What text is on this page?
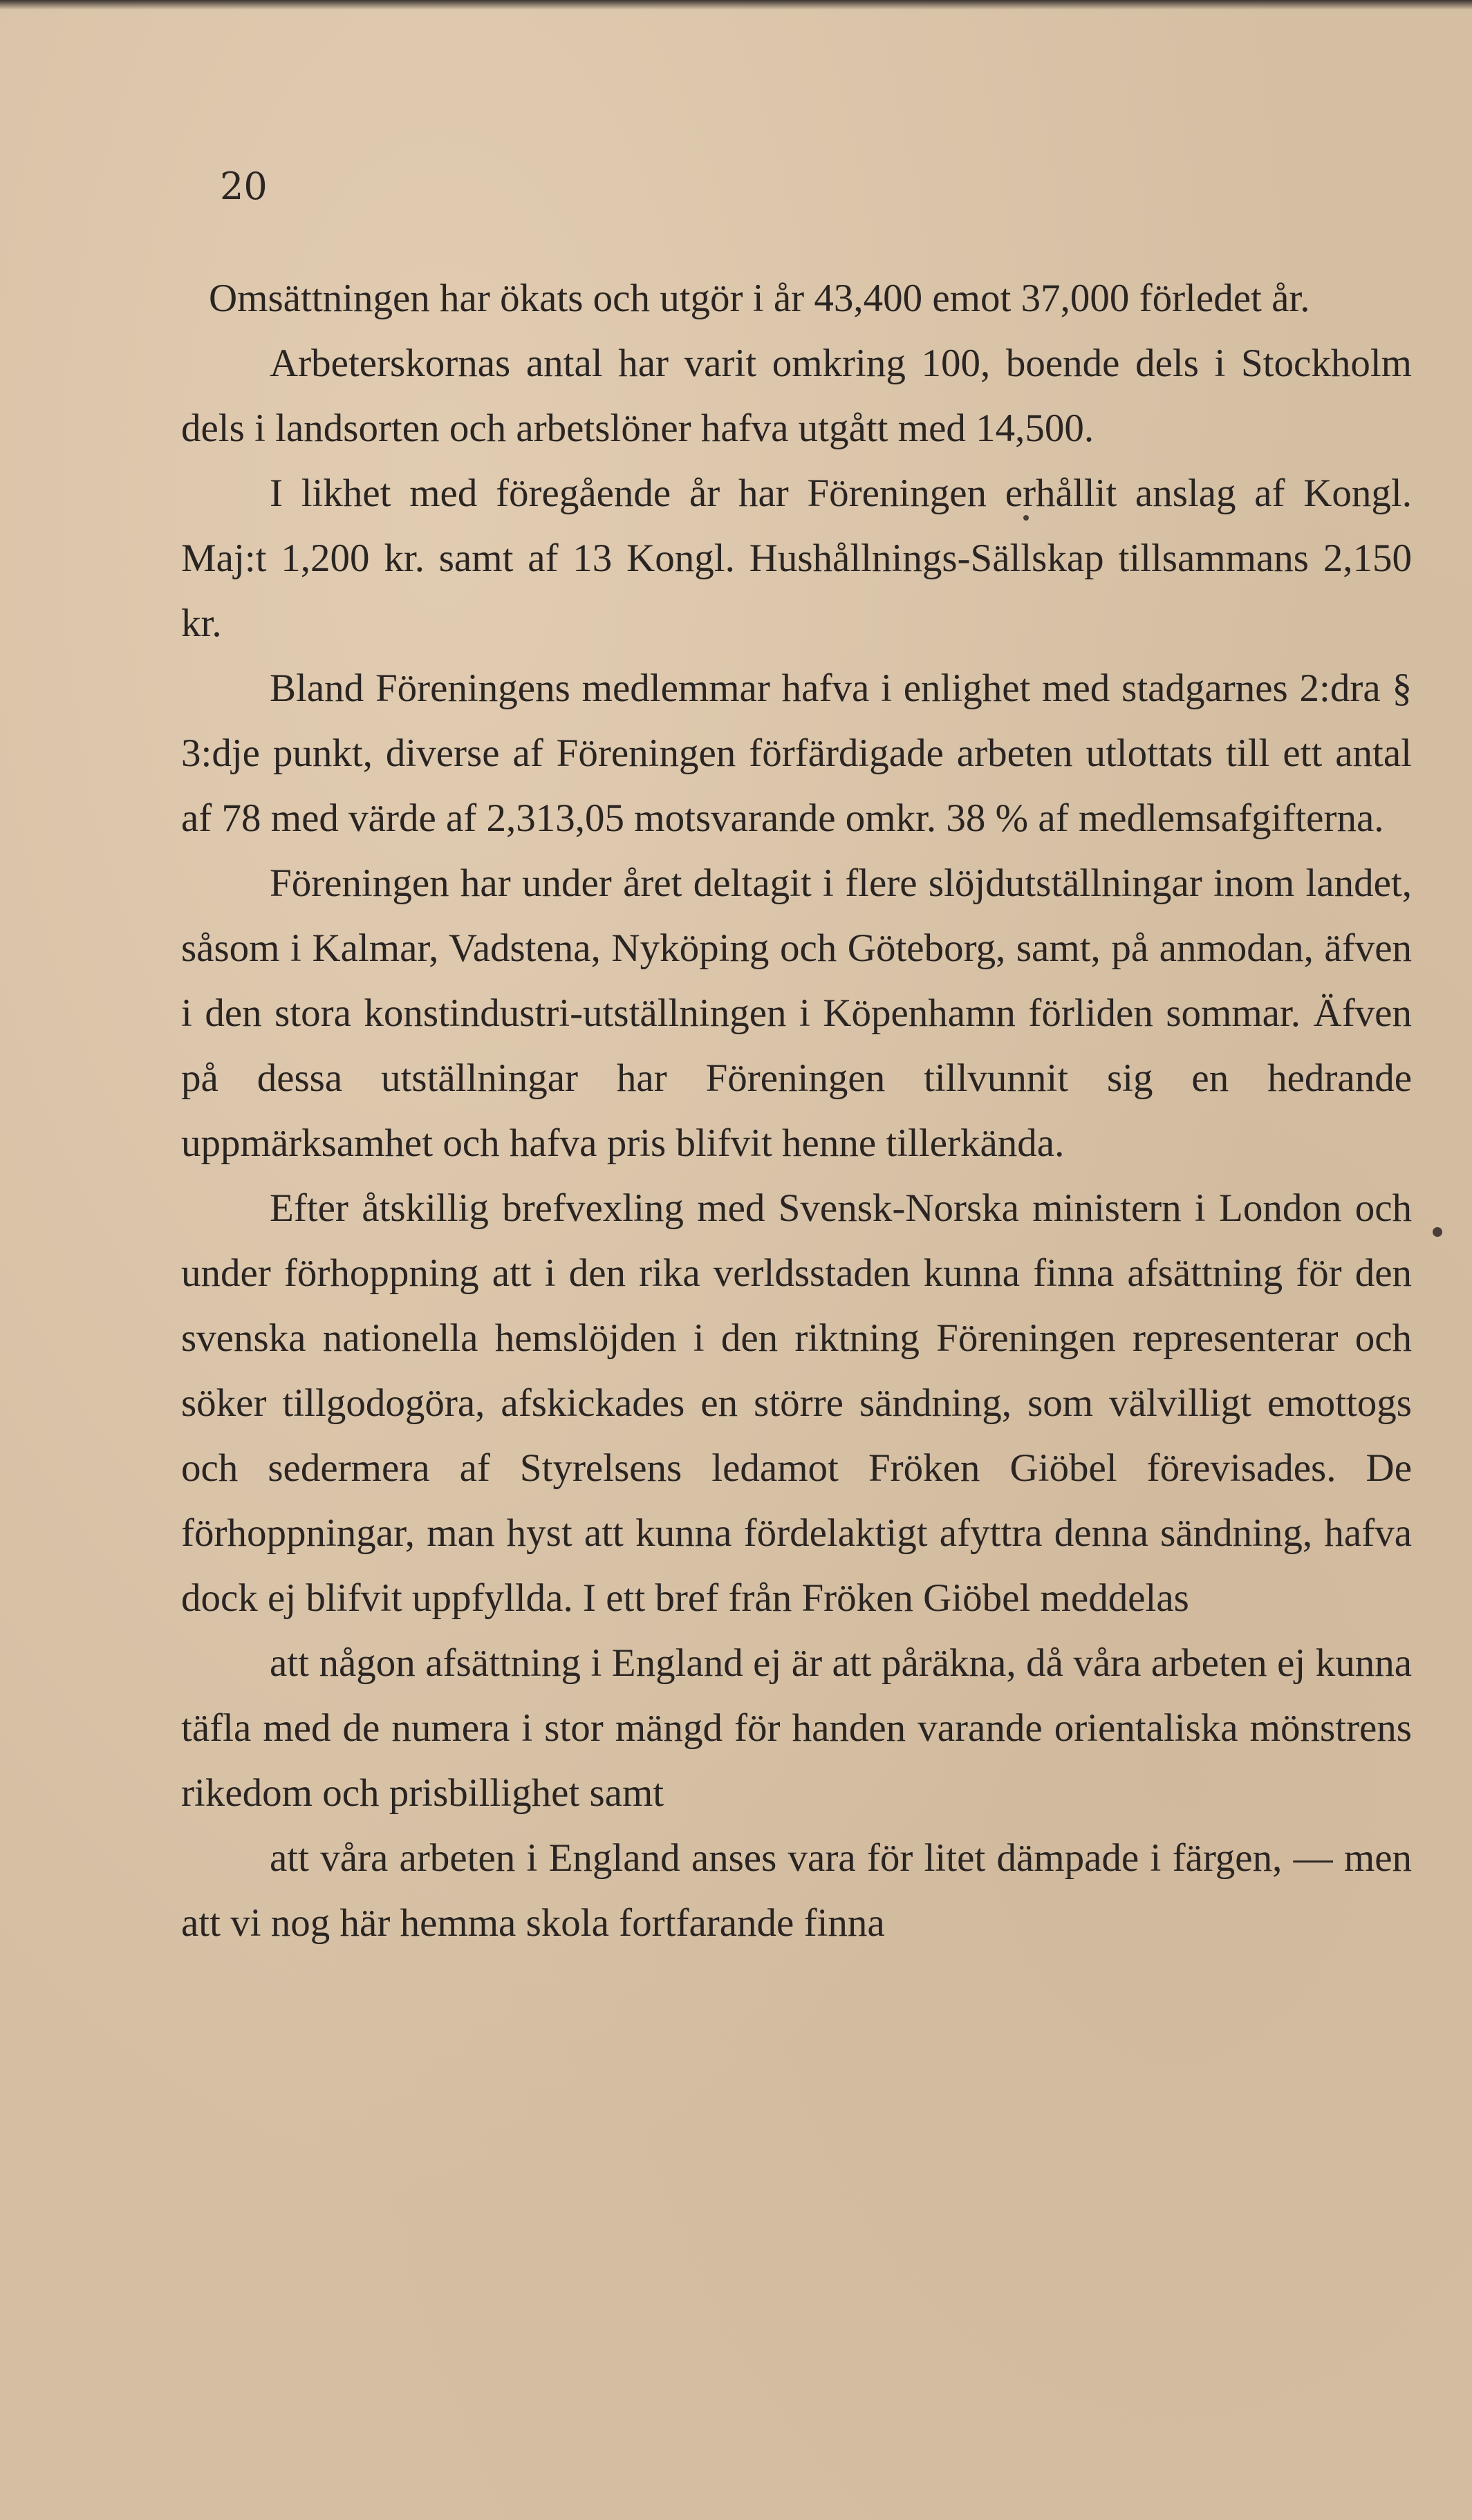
20

Omsättningen har ökats och utgör i år 43,400 emot 37,000 förledet år.

Arbeterskornas antal har varit omkring 100, boende dels i Stockholm dels i landsorten och arbetslöner hafva utgått med 14,500.

I likhet med föregående år har Föreningen erhållit anslag af Kongl. Maj:t 1,200 kr. samt af 13 Kongl. Hushållnings-Sällskap tillsammans 2,150 kr.

Bland Föreningens medlemmar hafva i enlighet med stadgarnes 2:dra § 3:dje punkt, diverse af Föreningen förfärdigade arbeten utlottats till ett antal af 78 med värde af 2,313,05 motsvarande omkr. 38 % af medlemsafgifterna.

Föreningen har under året deltagit i flere slöjdutställningar inom landet, såsom i Kalmar, Vadstena, Nyköping och Göteborg, samt, på anmodan, äfven i den stora konstindustri-utställningen i Köpenhamn förliden sommar. Äfven på dessa utställningar har Föreningen tillvunnit sig en hedrande uppmärksamhet och hafva pris blifvit henne tillerkända.

Efter åtskillig brefvexling med Svensk-Norska ministern i London och under förhoppning att i den rika verldsstaden kunna finna afsättning för den svenska nationella hemslöjden i den riktning Föreningen representerar och söker tillgodogöra, afskickades en större sändning, som välvilligt emottogs och sedermera af Styrelsens ledamot Fröken Giöbel förevisades. De förhoppningar, man hyst att kunna fördelaktigt afyttra denna sändning, hafva dock ej blifvit uppfyllda. I ett bref från Fröken Giöbel meddelas

att någon afsättning i England ej är att påräkna, då våra arbeten ej kunna täfla med de numera i stor mängd för handen varande orientaliska mönstrens rikedom och prisbillighet samt

att våra arbeten i England anses vara för litet dämpade i färgen, — men att vi nog här hemma skola fortfarande finna
